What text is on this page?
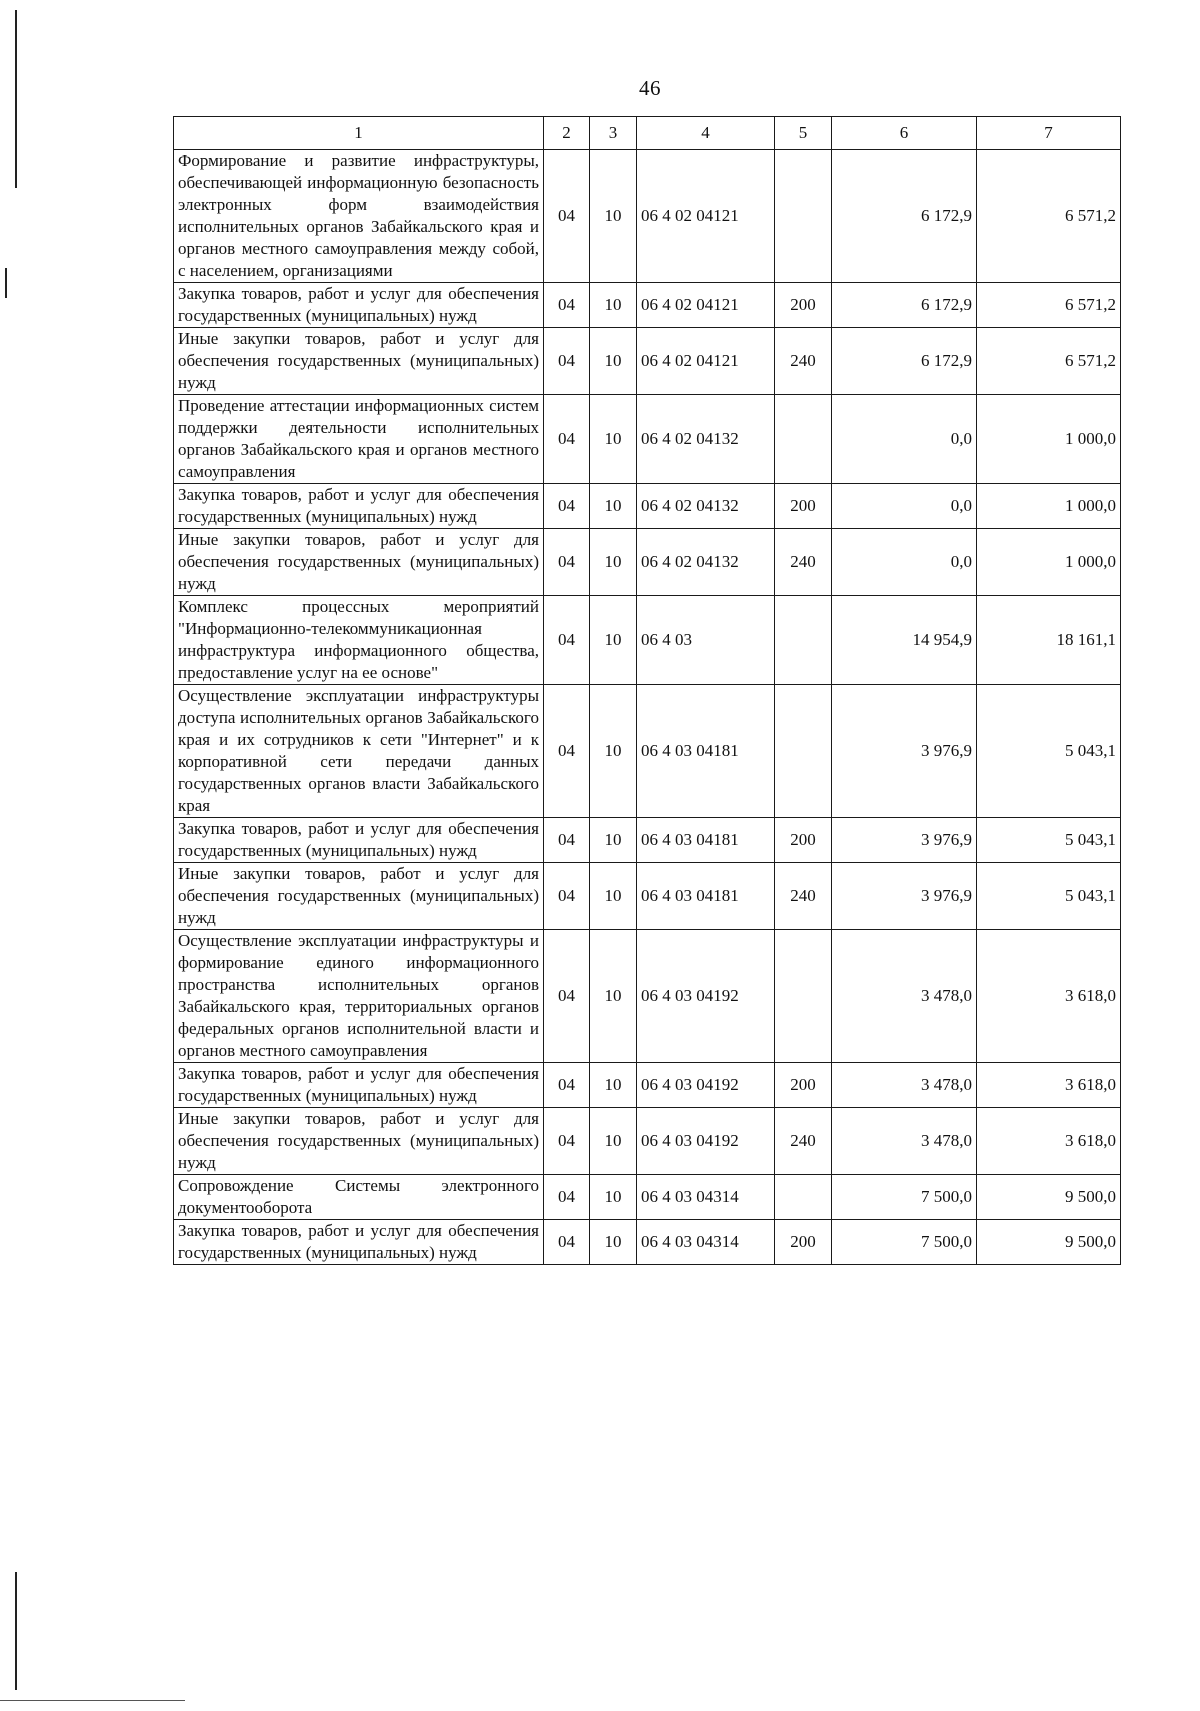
46
1	2	3	4	5	6	7
Формирование и развитие инфраструктуры, обеспечивающей информационную безопасность электронных форм взаимодействия исполнительных органов Забайкальского края и органов местного самоуправления между собой, с населением, организациями	04	10	06 4 02 04121		6 172,9	6 571,2
Закупка товаров, работ и услуг для обеспечения государственных (муниципальных) нужд	04	10	06 4 02 04121	200	6 172,9	6 571,2
Иные закупки товаров, работ и услуг для обеспечения государственных (муниципальных) нужд	04	10	06 4 02 04121	240	6 172,9	6 571,2
Проведение аттестации информационных систем поддержки деятельности исполнительных органов Забайкальского края и органов местного самоуправления	04	10	06 4 02 04132		0,0	1 000,0
Закупка товаров, работ и услуг для обеспечения государственных (муниципальных) нужд	04	10	06 4 02 04132	200	0,0	1 000,0
Иные закупки товаров, работ и услуг для обеспечения государственных (муниципальных) нужд	04	10	06 4 02 04132	240	0,0	1 000,0
Комплекс процессных мероприятий "Информационно-телекоммуникационная инфраструктура информационного общества, предоставление услуг на ее основе"	04	10	06 4 03		14 954,9	18 161,1
Осуществление эксплуатации инфраструктуры доступа исполнительных органов Забайкальского края и их сотрудников к сети "Интернет" и к корпоративной сети передачи данных государственных органов власти Забайкальского края	04	10	06 4 03 04181		3 976,9	5 043,1
Закупка товаров, работ и услуг для обеспечения государственных (муниципальных) нужд	04	10	06 4 03 04181	200	3 976,9	5 043,1
Иные закупки товаров, работ и услуг для обеспечения государственных (муниципальных) нужд	04	10	06 4 03 04181	240	3 976,9	5 043,1
Осуществление эксплуатации инфраструктуры и формирование единого информационного пространства исполнительных органов Забайкальского края, территориальных органов федеральных органов исполнительной власти и органов местного самоуправления	04	10	06 4 03 04192		3 478,0	3 618,0
Закупка товаров, работ и услуг для обеспечения государственных (муниципальных) нужд	04	10	06 4 03 04192	200	3 478,0	3 618,0
Иные закупки товаров, работ и услуг для обеспечения государственных (муниципальных) нужд	04	10	06 4 03 04192	240	3 478,0	3 618,0
Сопровождение Системы электронного документооборота	04	10	06 4 03 04314		7 500,0	9 500,0
Закупка товаров, работ и услуг для обеспечения государственных (муниципальных) нужд	04	10	06 4 03 04314	200	7 500,0	9 500,0
